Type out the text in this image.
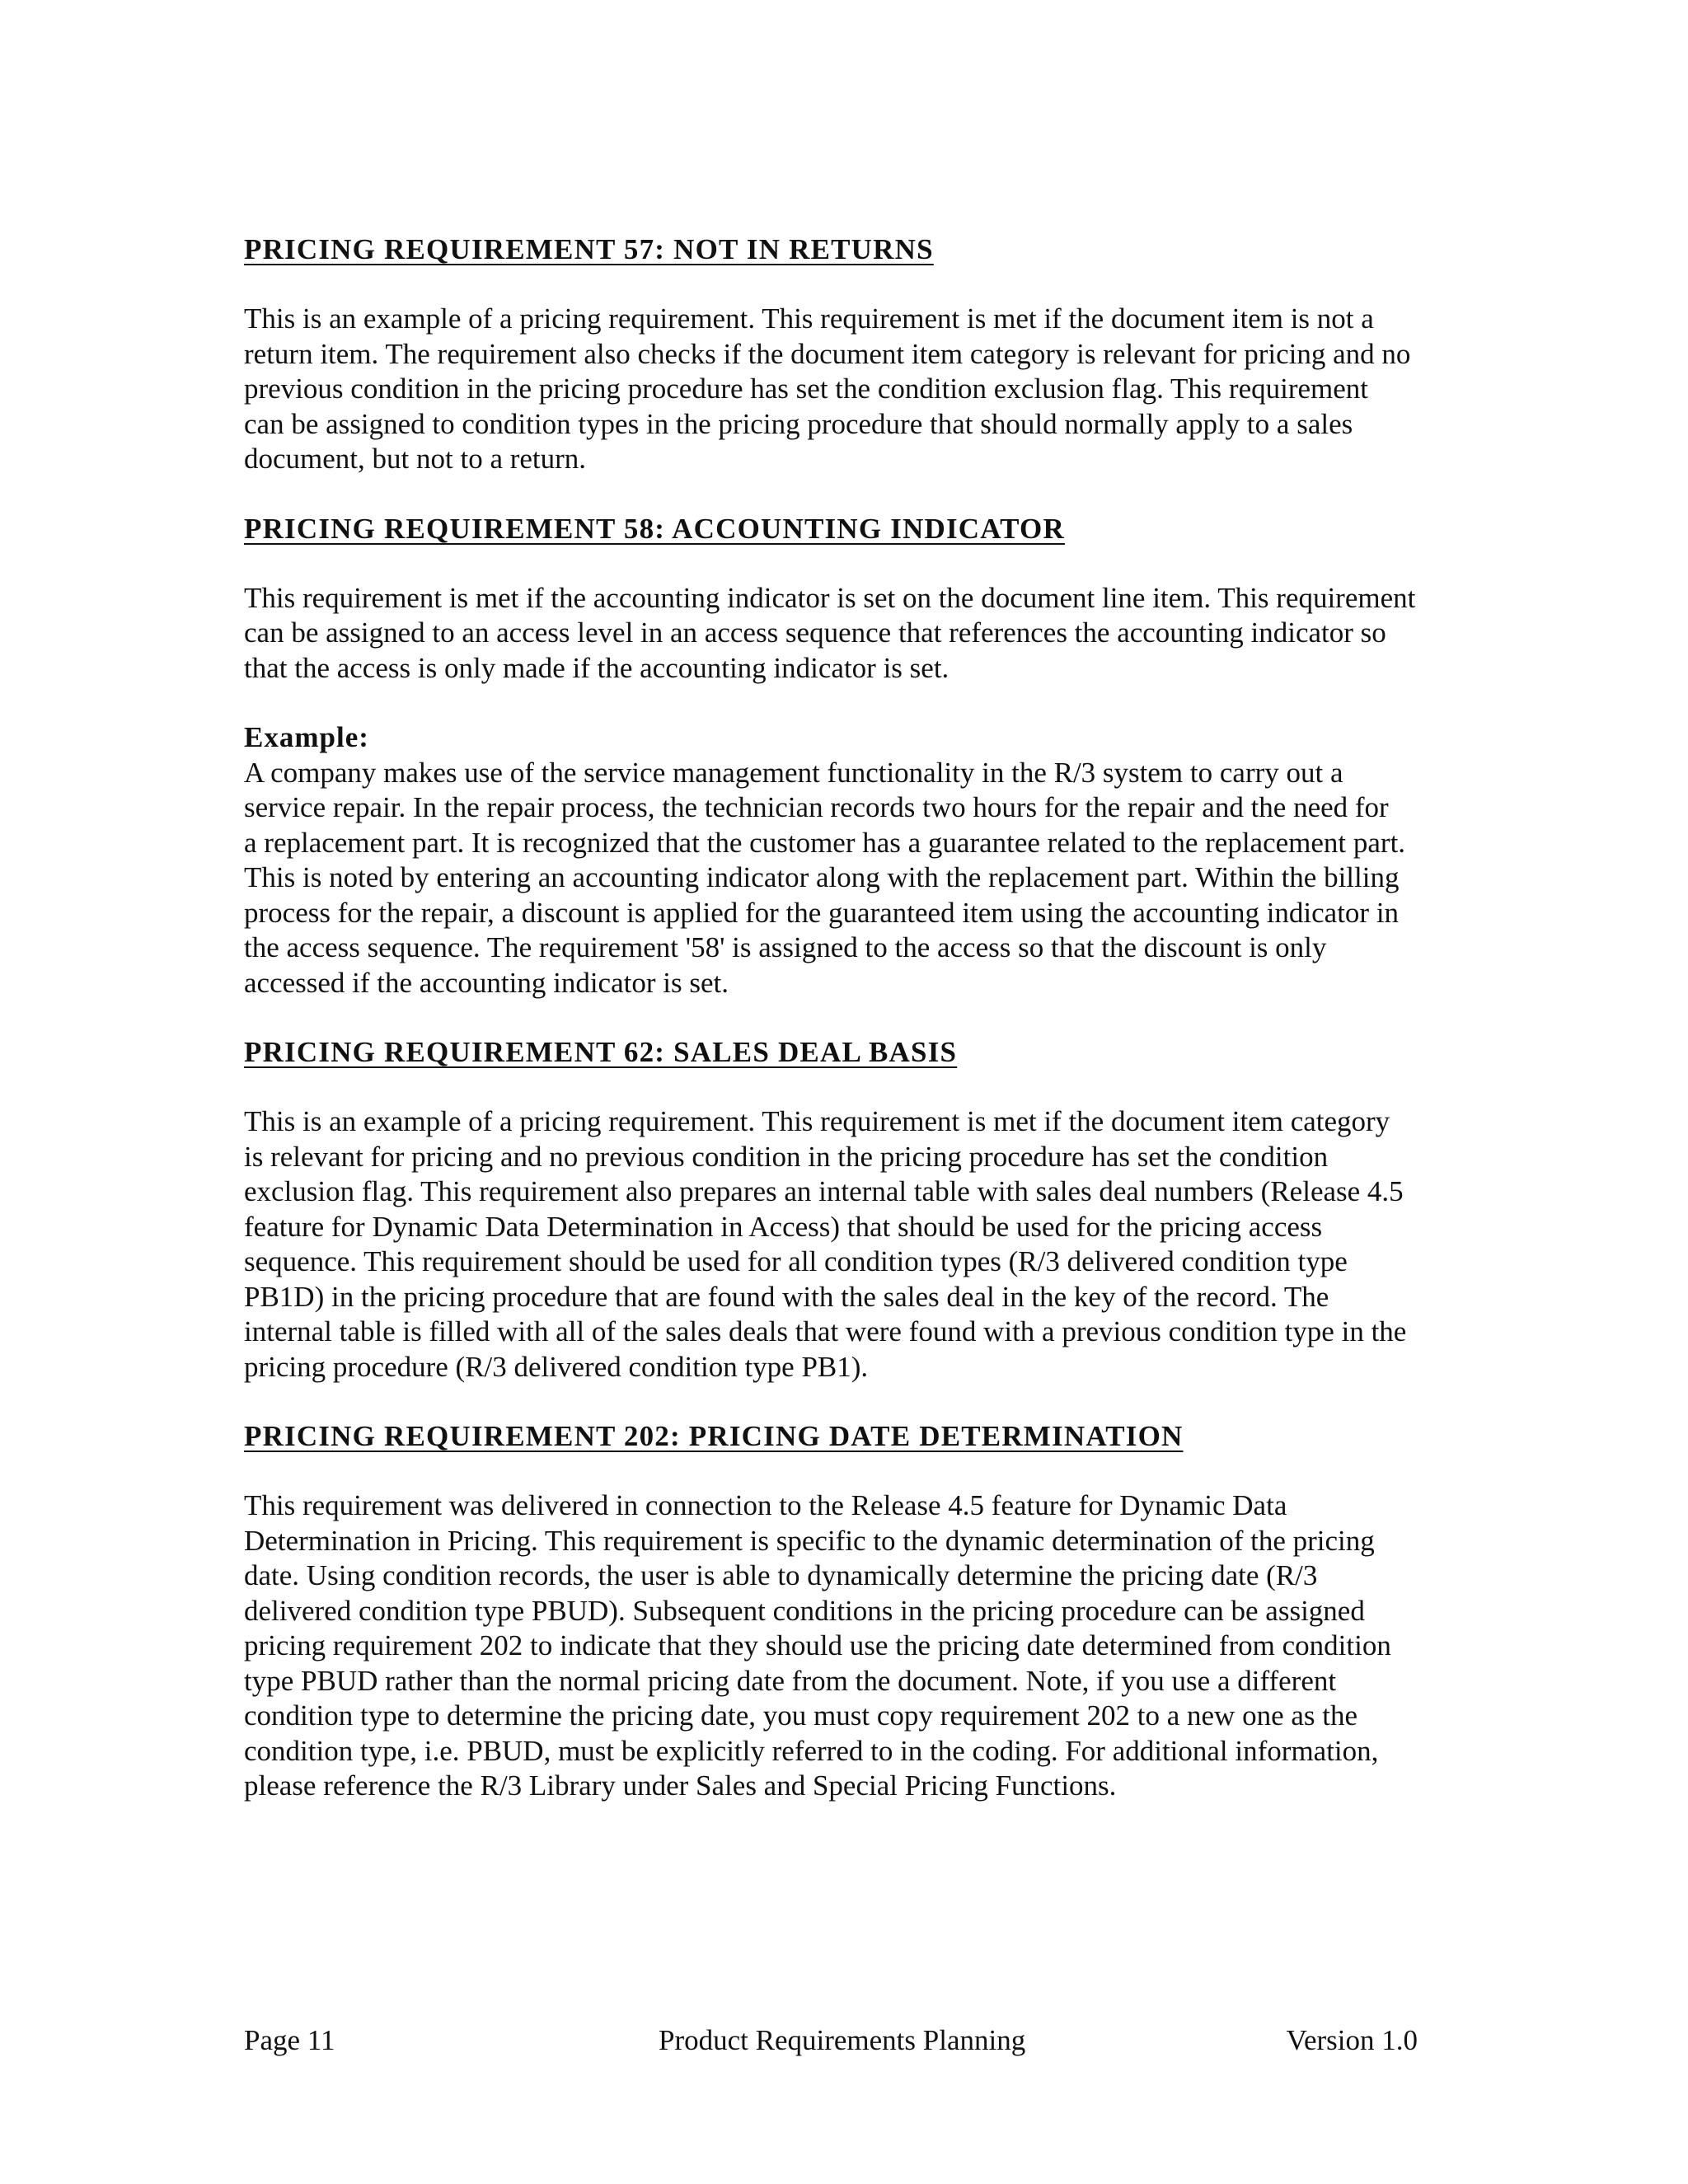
PRICING REQUIREMENT 57: NOT IN RETURNS
This is an example of a pricing requirement. This requirement is met if the document item is not a
return item. The requirement also checks if the document item category is relevant for pricing and no
previous condition in the pricing procedure has set the condition exclusion flag. This requirement
can be assigned to condition types in the pricing procedure that should normally apply to a sales
document, but not to a return.
PRICING REQUIREMENT 58: ACCOUNTING INDICATOR
This requirement is met if the accounting indicator is set on the document line item. This requirement
can be assigned to an access level in an access sequence that references the accounting indicator so
that the access is only made if the accounting indicator is set.
Example:
A company makes use of the service management functionality in the R/3 system to carry out a
service repair. In the repair process, the technician records two hours for the repair and the need for
a replacement part. It is recognized that the customer has a guarantee related to the replacement part.
This is noted by entering an accounting indicator along with the replacement part. Within the billing
process for the repair, a discount is applied for the guaranteed item using the accounting indicator in
the access sequence. The requirement '58' is assigned to the access so that the discount is only
accessed if the accounting indicator is set.
PRICING REQUIREMENT 62: SALES DEAL BASIS
This is an example of a pricing requirement. This requirement is met if the document item category
is relevant for pricing and no previous condition in the pricing procedure has set the condition
exclusion flag. This requirement also prepares an internal table with sales deal numbers (Release 4.5
feature for Dynamic Data Determination in Access) that should be used for the pricing access
sequence. This requirement should be used for all condition types (R/3 delivered condition type
PB1D) in the pricing procedure that are found with the sales deal in the key of the record. The
internal table is filled with all of the sales deals that were found with a previous condition type in the
pricing procedure (R/3 delivered condition type PB1).
PRICING REQUIREMENT 202: PRICING DATE DETERMINATION
This requirement was delivered in connection to the Release 4.5 feature for Dynamic Data
Determination in Pricing. This requirement is specific to the dynamic determination of the pricing
date. Using condition records, the user is able to dynamically determine the pricing date (R/3
delivered condition type PBUD). Subsequent conditions in the pricing procedure can be assigned
pricing requirement 202 to indicate that they should use the pricing date determined from condition
type PBUD rather than the normal pricing date from the document. Note, if you use a different
condition type to determine the pricing date, you must copy requirement 202 to a new one as the
condition type, i.e. PBUD, must be explicitly referred to in the coding. For additional information,
please reference the R/3 Library under Sales and Special Pricing Functions.
Page 11	Product Requirements Planning	Version 1.0
